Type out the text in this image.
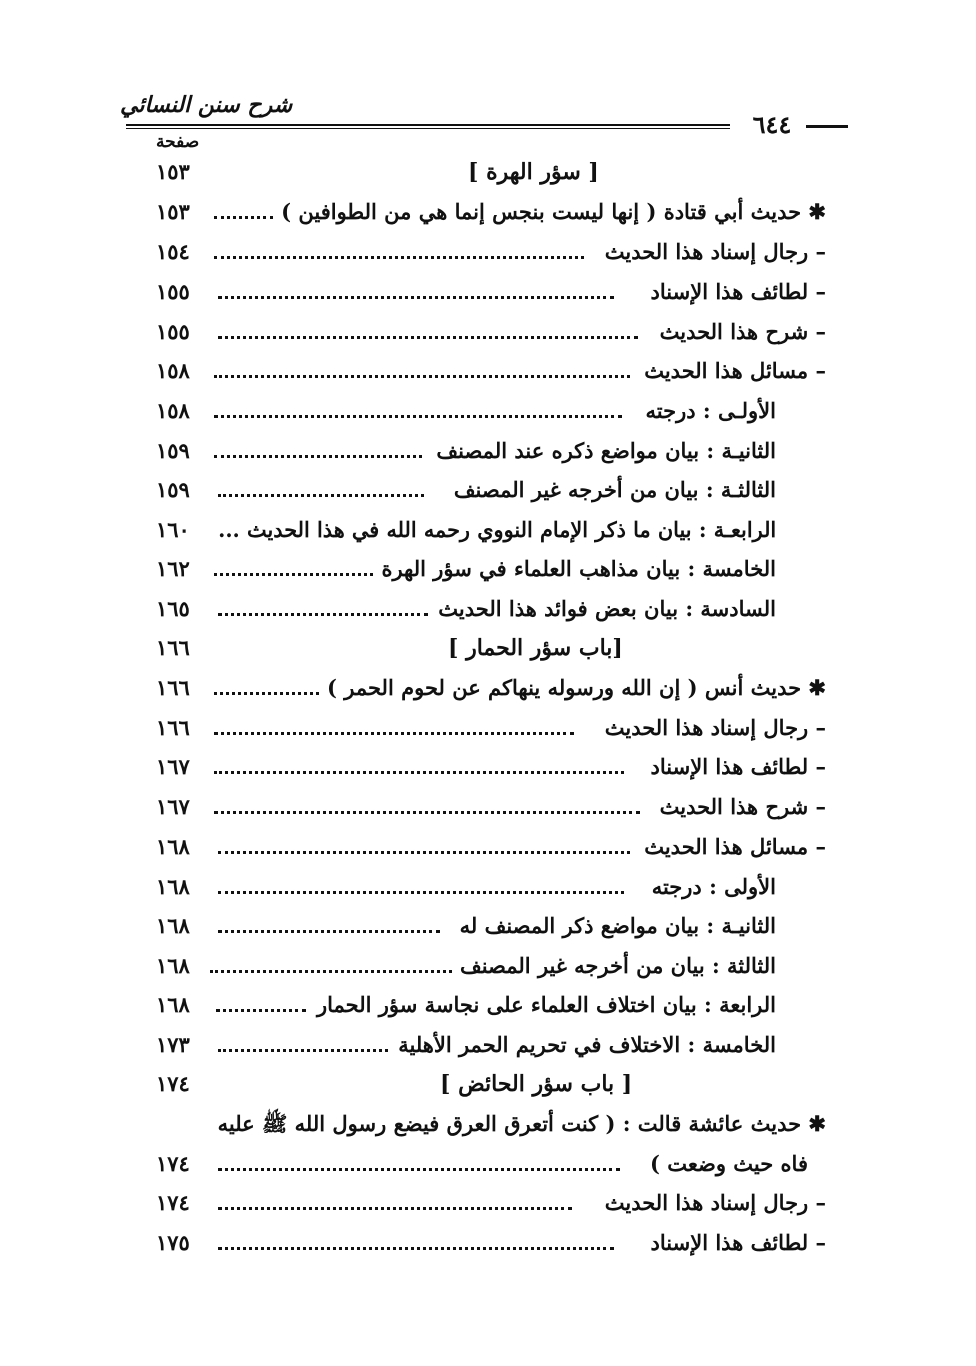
شرح سنن النسائي
٦٤٤
صفحة
١٥٣	[ سؤر الهرة ]
١٥٣	✱ حديث أبي قتادة ( إنها ليست بنجس إنما هي من الطوافين )
١٥٤	– رجال إسناد هذا الحديث
١٥٥	– لطائف هذا الإسناد
١٥٥	– شرح هذا الحديث
١٥٨	– مسائل هذا الحديث
١٥٨	الأولـى : درجته
١٥٩	الثانيـة : بيان مواضع ذكره عند المصنف
١٥٩	الثالثـة : بيان من أخرجه غير المصنف
١٦٠	الرابعـة : بيان ما ذكر الإمام النووي رحمه الله في هذا الحديث ...
١٦٢	الخامسة : بيان مذاهب العلماء في سؤر الهرة
١٦٥	السادسة : بيان بعض فوائد هذا الحديث
١٦٦	[باب سؤر الحمار ]
١٦٦	✱ حديث أنس ( إن الله ورسوله ينهاكم عن لحوم الحمر )
١٦٦	– رجال إسناد هذا الحديث
١٦٧	– لطائف هذا الإسناد
١٦٧	– شرح هذا الحديث
١٦٨	– مسائل هذا الحديث
١٦٨	الأولى : درجته
١٦٨	الثانيـة : بيان مواضع ذكر المصنف له
١٦٨	الثالثة : بيان من أخرجه غير المصنف
١٦٨	الرابعة : بيان اختلاف العلماء على نجاسة سؤر الحمار
١٧٣	الخامسة : الاختلاف في تحريم الحمر الأهلية
١٧٤	[ باب سؤر الحائض ]
✱ حديث عائشة قالت : ( كنت أتعرق العرق فيضع رسول الله ﷺ عليه
١٧٤	فاه حيث وضعت )
١٧٤	– رجال إسناد هذا الحديث
١٧٥	– لطائف هذا الإسناد
